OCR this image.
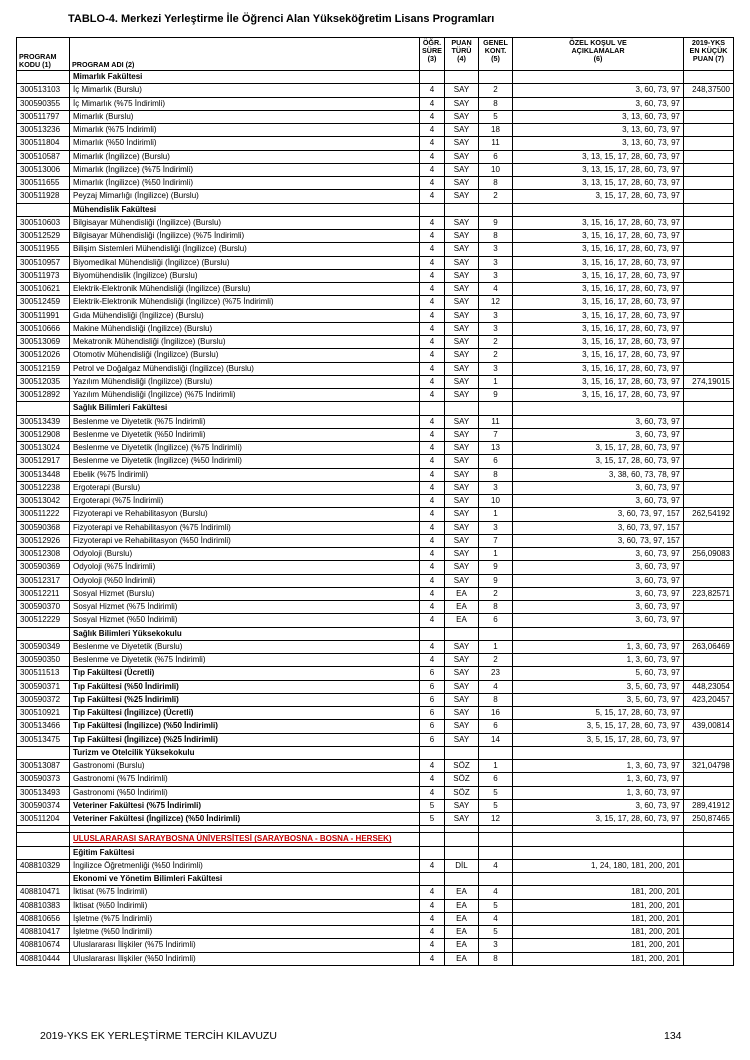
TABLO-4. Merkezi Yerleştirme İle Öğrenci Alan Yükseköğretim Lisans Programları
PROGRAM
KODU (1)	PROGRAM ADI (2)	ÖĞR.
SÜRE
(3)	PUAN
TÜRÜ
(4)	GENEL
KONT.
(5)	ÖZEL KOŞUL VE
AÇIKLAMALAR
(6)	2019-YKS
EN KÜÇÜK
PUAN (7)
	Mimarlık Fakültesi					
300513103	İç Mimarlık (Burslu)	4	SAY	2	3, 60, 73, 97	248,37500
300590355	İç Mimarlık (%75 İndirimli)	4	SAY	8	3, 60, 73, 97	
300511797	Mimarlık (Burslu)	4	SAY	5	3, 13, 60, 73, 97	
300513236	Mimarlık (%75 İndirimli)	4	SAY	18	3, 13, 60, 73, 97	
300511804	Mimarlık (%50 İndirimli)	4	SAY	11	3, 13, 60, 73, 97	
300510587	Mimarlık (İngilizce) (Burslu)	4	SAY	6	3, 13, 15, 17, 28, 60, 73, 97	
300513006	Mimarlık (İngilizce) (%75 İndirimli)	4	SAY	10	3, 13, 15, 17, 28, 60, 73, 97	
300511655	Mimarlık (İngilizce) (%50 İndirimli)	4	SAY	8	3, 13, 15, 17, 28, 60, 73, 97	
300511928	Peyzaj Mimarlığı (İngilizce) (Burslu)	4	SAY	2	3, 15, 17, 28, 60, 73, 97	
	Mühendislik Fakültesi					
300510603	Bilgisayar Mühendisliği (İngilizce) (Burslu)	4	SAY	9	3, 15, 16, 17, 28, 60, 73, 97	
300512529	Bilgisayar Mühendisliği (İngilizce) (%75 İndirimli)	4	SAY	8	3, 15, 16, 17, 28, 60, 73, 97	
300511955	Bilişim Sistemleri Mühendisliği (İngilizce) (Burslu)	4	SAY	3	3, 15, 16, 17, 28, 60, 73, 97	
300510957	Biyomedikal Mühendisliği (İngilizce) (Burslu)	4	SAY	3	3, 15, 16, 17, 28, 60, 73, 97	
300511973	Biyomühendislik (İngilizce) (Burslu)	4	SAY	3	3, 15, 16, 17, 28, 60, 73, 97	
300510621	Elektrik-Elektronik Mühendisliği (İngilizce) (Burslu)	4	SAY	4	3, 15, 16, 17, 28, 60, 73, 97	
300512459	Elektrik-Elektronik Mühendisliği (İngilizce) (%75 İndirimli)	4	SAY	12	3, 15, 16, 17, 28, 60, 73, 97	
300511991	Gıda Mühendisliği (İngilizce) (Burslu)	4	SAY	3	3, 15, 16, 17, 28, 60, 73, 97	
300510666	Makine Mühendisliği (İngilizce) (Burslu)	4	SAY	3	3, 15, 16, 17, 28, 60, 73, 97	
300513069	Mekatronik Mühendisliği (İngilizce) (Burslu)	4	SAY	2	3, 15, 16, 17, 28, 60, 73, 97	
300512026	Otomotiv Mühendisliği (İngilizce) (Burslu)	4	SAY	2	3, 15, 16, 17, 28, 60, 73, 97	
300512159	Petrol ve Doğalgaz Mühendisliği (İngilizce) (Burslu)	4	SAY	3	3, 15, 16, 17, 28, 60, 73, 97	
300512035	Yazılım Mühendisliği (İngilizce) (Burslu)	4	SAY	1	3, 15, 16, 17, 28, 60, 73, 97	274,19015
300512892	Yazılım Mühendisliği (İngilizce) (%75 İndirimli)	4	SAY	9	3, 15, 16, 17, 28, 60, 73, 97	
	Sağlık Bilimleri Fakültesi					
300513439	Beslenme ve Diyetetik (%75 İndirimli)	4	SAY	11	3, 60, 73, 97	
300512908	Beslenme ve Diyetetik (%50 İndirimli)	4	SAY	7	3, 60, 73, 97	
300513024	Beslenme ve Diyetetik (İngilizce) (%75 İndirimli)	4	SAY	13	3, 15, 17, 28, 60, 73, 97	
300512917	Beslenme ve Diyetetik (İngilizce) (%50 İndirimli)	4	SAY	6	3, 15, 17, 28, 60, 73, 97	
300513448	Ebelik (%75 İndirimli)	4	SAY	8	3, 38, 60, 73, 78, 97	
300512238	Ergoterapi (Burslu)	4	SAY	3	3, 60, 73, 97	
300513042	Ergoterapi (%75 İndirimli)	4	SAY	10	3, 60, 73, 97	
300511222	Fizyoterapi ve Rehabilitasyon (Burslu)	4	SAY	1	3, 60, 73, 97, 157	262,54192
300590368	Fizyoterapi ve Rehabilitasyon (%75 İndirimli)	4	SAY	3	3, 60, 73, 97, 157	
300512926	Fizyoterapi ve Rehabilitasyon (%50 İndirimli)	4	SAY	7	3, 60, 73, 97, 157	
300512308	Odyoloji (Burslu)	4	SAY	1	3, 60, 73, 97	256,09083
300590369	Odyoloji (%75 İndirimli)	4	SAY	9	3, 60, 73, 97	
300512317	Odyoloji (%50 İndirimli)	4	SAY	9	3, 60, 73, 97	
300512211	Sosyal Hizmet (Burslu)	4	EA	2	3, 60, 73, 97	223,82571
300590370	Sosyal Hizmet (%75 İndirimli)	4	EA	8	3, 60, 73, 97	
300512229	Sosyal Hizmet (%50 İndirimli)	4	EA	6	3, 60, 73, 97	
	Sağlık Bilimleri Yüksekokulu					
300590349	Beslenme ve Diyetetik (Burslu)	4	SAY	1	1, 3, 60, 73, 97	263,06469
300590350	Beslenme ve Diyetetik (%75 İndirimli)	4	SAY	2	1, 3, 60, 73, 97	
300511513	Tıp Fakültesi (Ücretli)	6	SAY	23	5, 60, 73, 97	
300590371	Tıp Fakültesi (%50 İndirimli)	6	SAY	4	3, 5, 60, 73, 97	448,23054
300590372	Tıp Fakültesi (%25 İndirimli)	6	SAY	8	3, 5, 60, 73, 97	423,20457
300510921	Tıp Fakültesi (İngilizce) (Ücretli)	6	SAY	16	5, 15, 17, 28, 60, 73, 97	
300513466	Tıp Fakültesi (İngilizce) (%50 İndirimli)	6	SAY	6	3, 5, 15, 17, 28, 60, 73, 97	439,00814
300513475	Tıp Fakültesi (İngilizce) (%25 İndirimli)	6	SAY	14	3, 5, 15, 17, 28, 60, 73, 97	
	Turizm ve Otelcilik Yüksekokulu					
300513087	Gastronomi (Burslu)	4	SÖZ	1	1, 3, 60, 73, 97	321,04798
300590373	Gastronomi (%75 İndirimli)	4	SÖZ	6	1, 3, 60, 73, 97	
300513493	Gastronomi (%50 İndirimli)	4	SÖZ	5	1, 3, 60, 73, 97	
300590374	Veteriner Fakültesi (%75 İndirimli)	5	SAY	5	3, 60, 73, 97	289,41912
300511204	Veteriner Fakültesi (İngilizce) (%50 İndirimli)	5	SAY	12	3, 15, 17, 28, 60, 73, 97	250,87465

	ULUSLARARASI SARAYBOSNA ÜNİVERSİTESİ (SARAYBOSNA - BOSNA - HERSEK)					
	Eğitim Fakültesi					
408810329	İngilizce Öğretmenliği (%50 İndirimli)	4	DİL	4	1, 24, 180, 181, 200, 201	
	Ekonomi ve Yönetim Bilimleri Fakültesi					
408810471	İktisat (%75 İndirimli)	4	EA	4	181, 200, 201	
408810383	İktisat (%50 İndirimli)	4	EA	5	181, 200, 201	
408810656	İşletme (%75 İndirimli)	4	EA	4	181, 200, 201	
408810417	İşletme (%50 İndirimli)	4	EA	5	181, 200, 201	
408810674	Uluslararası İlişkiler (%75 İndirimli)	4	EA	3	181, 200, 201	
408810444	Uluslararası İlişkiler (%50 İndirimli)	4	EA	8	181, 200, 201	
2019-YKS EK YERLEŞTİRME TERCİH KILAVUZU	134
